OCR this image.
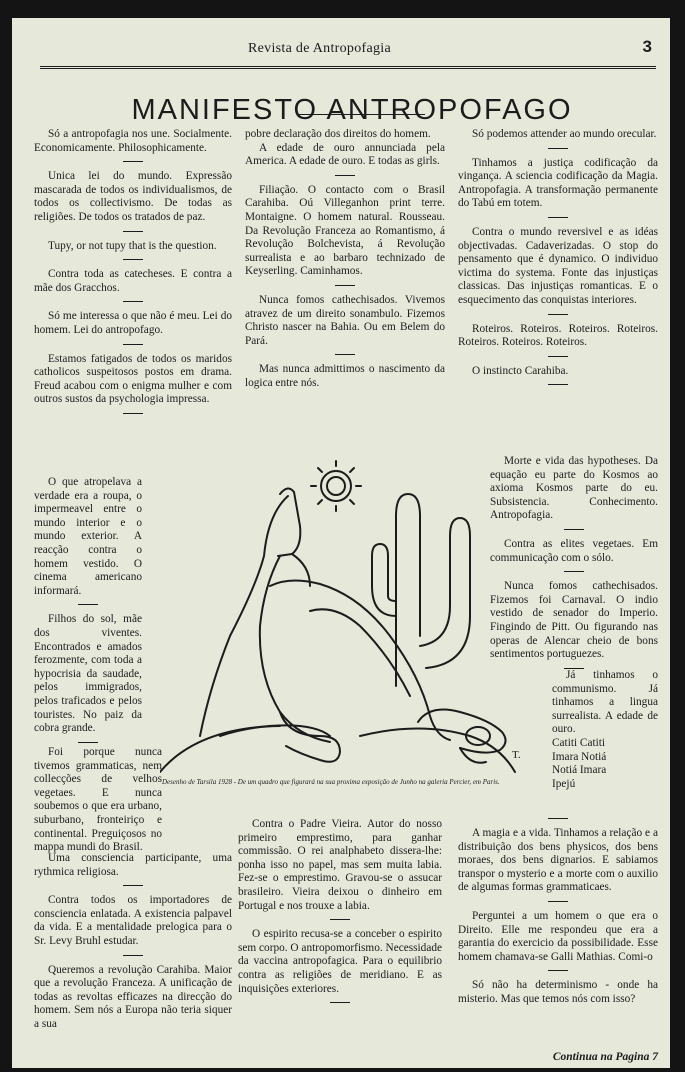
Revista de Antropofagia	3
MANIFESTO ANTROPOFAGO

Só a antropofagia nos une. Socialmente. Economicamente. Philosophicamente.

Unica lei do mundo. Expressão mascarada de todos os individualismos, de todos os collectivismo. De todas as religiões. De todos os tratados de paz.

Tupy, or not tupy that is the question.

Contra toda as catecheses. E contra a mãe dos Gracchos.

Só me interessa o que não é meu. Lei do homem. Lei do antropofago.

Estamos fatigados de todos os maridos catholicos suspeitosos postos em drama. Freud acabou com o enigma mulher e com outros sustos da psychologia impressa.

O que atropelava a verdade era a roupa, o impermeavel entre o mundo interior e o mundo exterior. A reacção contra o homem vestido. O cinema americano informará.

Filhos do sol, mãe dos viventes. Encontrados e amados ferozmente, com toda a hypocrisia da saudade, pelos immigrados, pelos traficados e pelos touristes. No paiz da cobra grande.

Foi porque nunca tivemos grammaticas, nem collecções de velhos vegetaes. E nunca soubemos o que era urbano, suburbano, fronteiriço e continental. Preguiçosos no mappa mundi do Brasil.

Uma consciencia participante, uma rythmica religiosa.

Contra todos os importadores de consciencia enlatada. A existencia palpavel da vida. E a mentalidade prelogica para o Sr. Levy Bruhl estudar.

Queremos a revolução Carahiba. Maior que a revolução Franceza. A unificação de todas as revoltas efficazes na direcção do homem. Sem nós a Europa não teria siquer a sua

pobre declaração dos direitos do homem.

A edade de ouro annunciada pela America. A edade de ouro. E todas as girls.

Filiação. O contacto com o Brasil Carahiba. Oú Villeganhon print terre. Montaigne. O homem natural. Rousseau. Da Revolução Franceza ao Romantismo, á Revolução Bolchevista, á Revolução surrealista e ao barbaro technizado de Keyserling. Caminhamos.

Nunca fomos cathechisados. Vivemos atravez de um direito sonambulo. Fizemos Christo nascer na Bahia. Ou em Belem do Pará.

Mas nunca admittimos o nascimento da logica entre nós.

Contra o Padre Vieira. Autor do nosso primeiro emprestimo, para ganhar commissão. O rei analphabeto dissera-lhe: ponha isso no papel, mas sem muita labia. Fez-se o emprestimo. Gravou-se o assucar brasileiro. Vieira deixou o dinheiro em Portugal e nos trouxe a labia.

O espirito recusa-se a conceber o espirito sem corpo. O antropomorfismo. Necessidade da vaccina antropofagica. Para o equilibrio contra as religiões de meridiano. E as inquisições exteriores.

Só podemos attender ao mundo orecular.

Tinhamos a justiça codificação da vingança. A sciencia codificação da Magia. Antropofagia. A transformação permanente do Tabú em totem.

Contra o mundo reversivel e as idéas objectivadas. Cadaverizadas. O stop do pensamento que é dynamico. O individuo victima do systema. Fonte das injustiças classicas. Das injustiças romanticas. E o esquecimento das conquistas interiores.

Roteiros. Roteiros. Roteiros. Roteiros. Roteiros. Roteiros. Roteiros.

O instincto Carahiba.

Morte e vida das hypotheses. Da equação eu parte do Kosmos ao axioma Kosmos parte do eu. Subsistencia. Conhecimento. Antropofagia.

Contra as elites vegetaes. Em communicação com o sólo.

Nunca fomos cathechisados. Fizemos foi Carnaval. O indio vestido de senador do Imperio. Fingindo de Pitt. Ou figurando nas operas de Alencar cheio de bons sentimentos portuguezes.

Já tinhamos o communismo. Já tinhamos a lingua surrealista. A edade de ouro.

Catiti Catiti
Imara Notiá
Notiá Imara
Ipejú

A magia e a vida. Tinhamos a relação e a distribuição dos bens physicos, dos bens moraes, dos bens dignarios. E sabiamos transpor o mysterio e a morte com o auxilio de algumas formas grammaticaes.

Perguntei a um homem o que era o Direito. Elle me respondeu que era a garantia do exercicio da possibilidade. Esse homem chamava-se Galli Mathias. Comi-o

Só não ha determinismo - onde ha misterio. Mas que temos nós com isso?

T.
Desenho de Tarsila 1928 - De um quadro que figurará na sua proxima exposição de Junho na galeria Percier, em Paris.
Continua na Pagina 7
